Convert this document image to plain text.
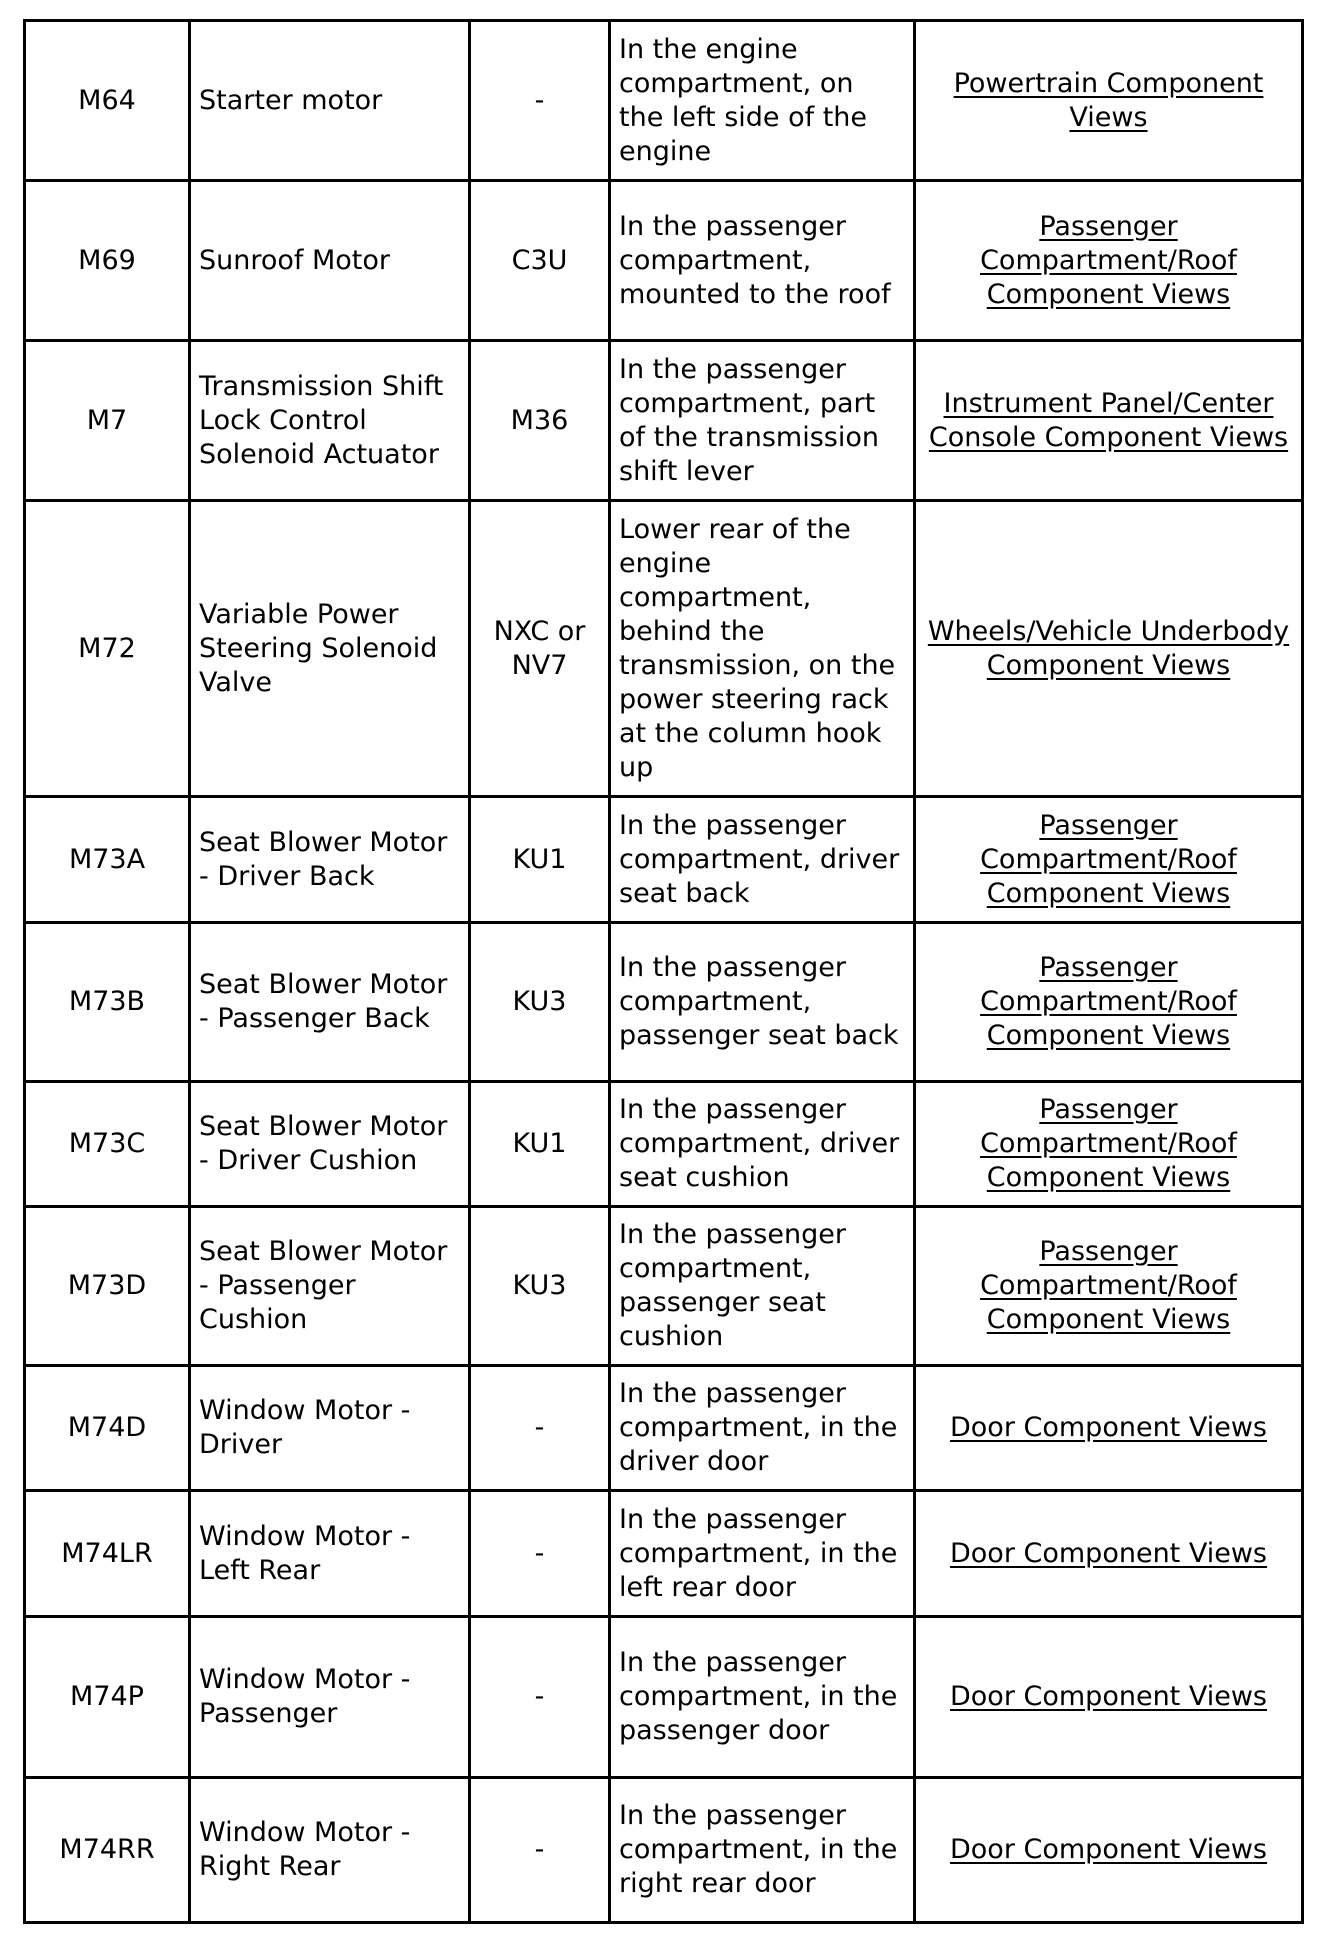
M64	Starter motor	-	In the engine compartment, on the left side of the engine	Powertrain Component Views
M69	Sunroof Motor	C3U	In the passenger compartment, mounted to the roof	Passenger Compartment/Roof Component Views
M7	Transmission Shift Lock Control Solenoid Actuator	M36	In the passenger compartment, part of the transmission shift lever	Instrument Panel/Center Console Component Views
M72	Variable Power Steering Solenoid Valve	NXC or NV7	Lower rear of the engine compartment, behind the transmission, on the power steering rack at the column hook up	Wheels/Vehicle Underbody Component Views
M73A	Seat Blower Motor - Driver Back	KU1	In the passenger compartment, driver seat back	Passenger Compartment/Roof Component Views
M73B	Seat Blower Motor - Passenger Back	KU3	In the passenger compartment, passenger seat back	Passenger Compartment/Roof Component Views
M73C	Seat Blower Motor - Driver Cushion	KU1	In the passenger compartment, driver seat cushion	Passenger Compartment/Roof Component Views
M73D	Seat Blower Motor - Passenger Cushion	KU3	In the passenger compartment, passenger seat cushion	Passenger Compartment/Roof Component Views
M74D	Window Motor - Driver	-	In the passenger compartment, in the driver door	Door Component Views
M74LR	Window Motor - Left Rear	-	In the passenger compartment, in the left rear door	Door Component Views
M74P	Window Motor - Passenger	-	In the passenger compartment, in the passenger door	Door Component Views
M74RR	Window Motor - Right Rear	-	In the passenger compartment, in the right rear door	Door Component Views
